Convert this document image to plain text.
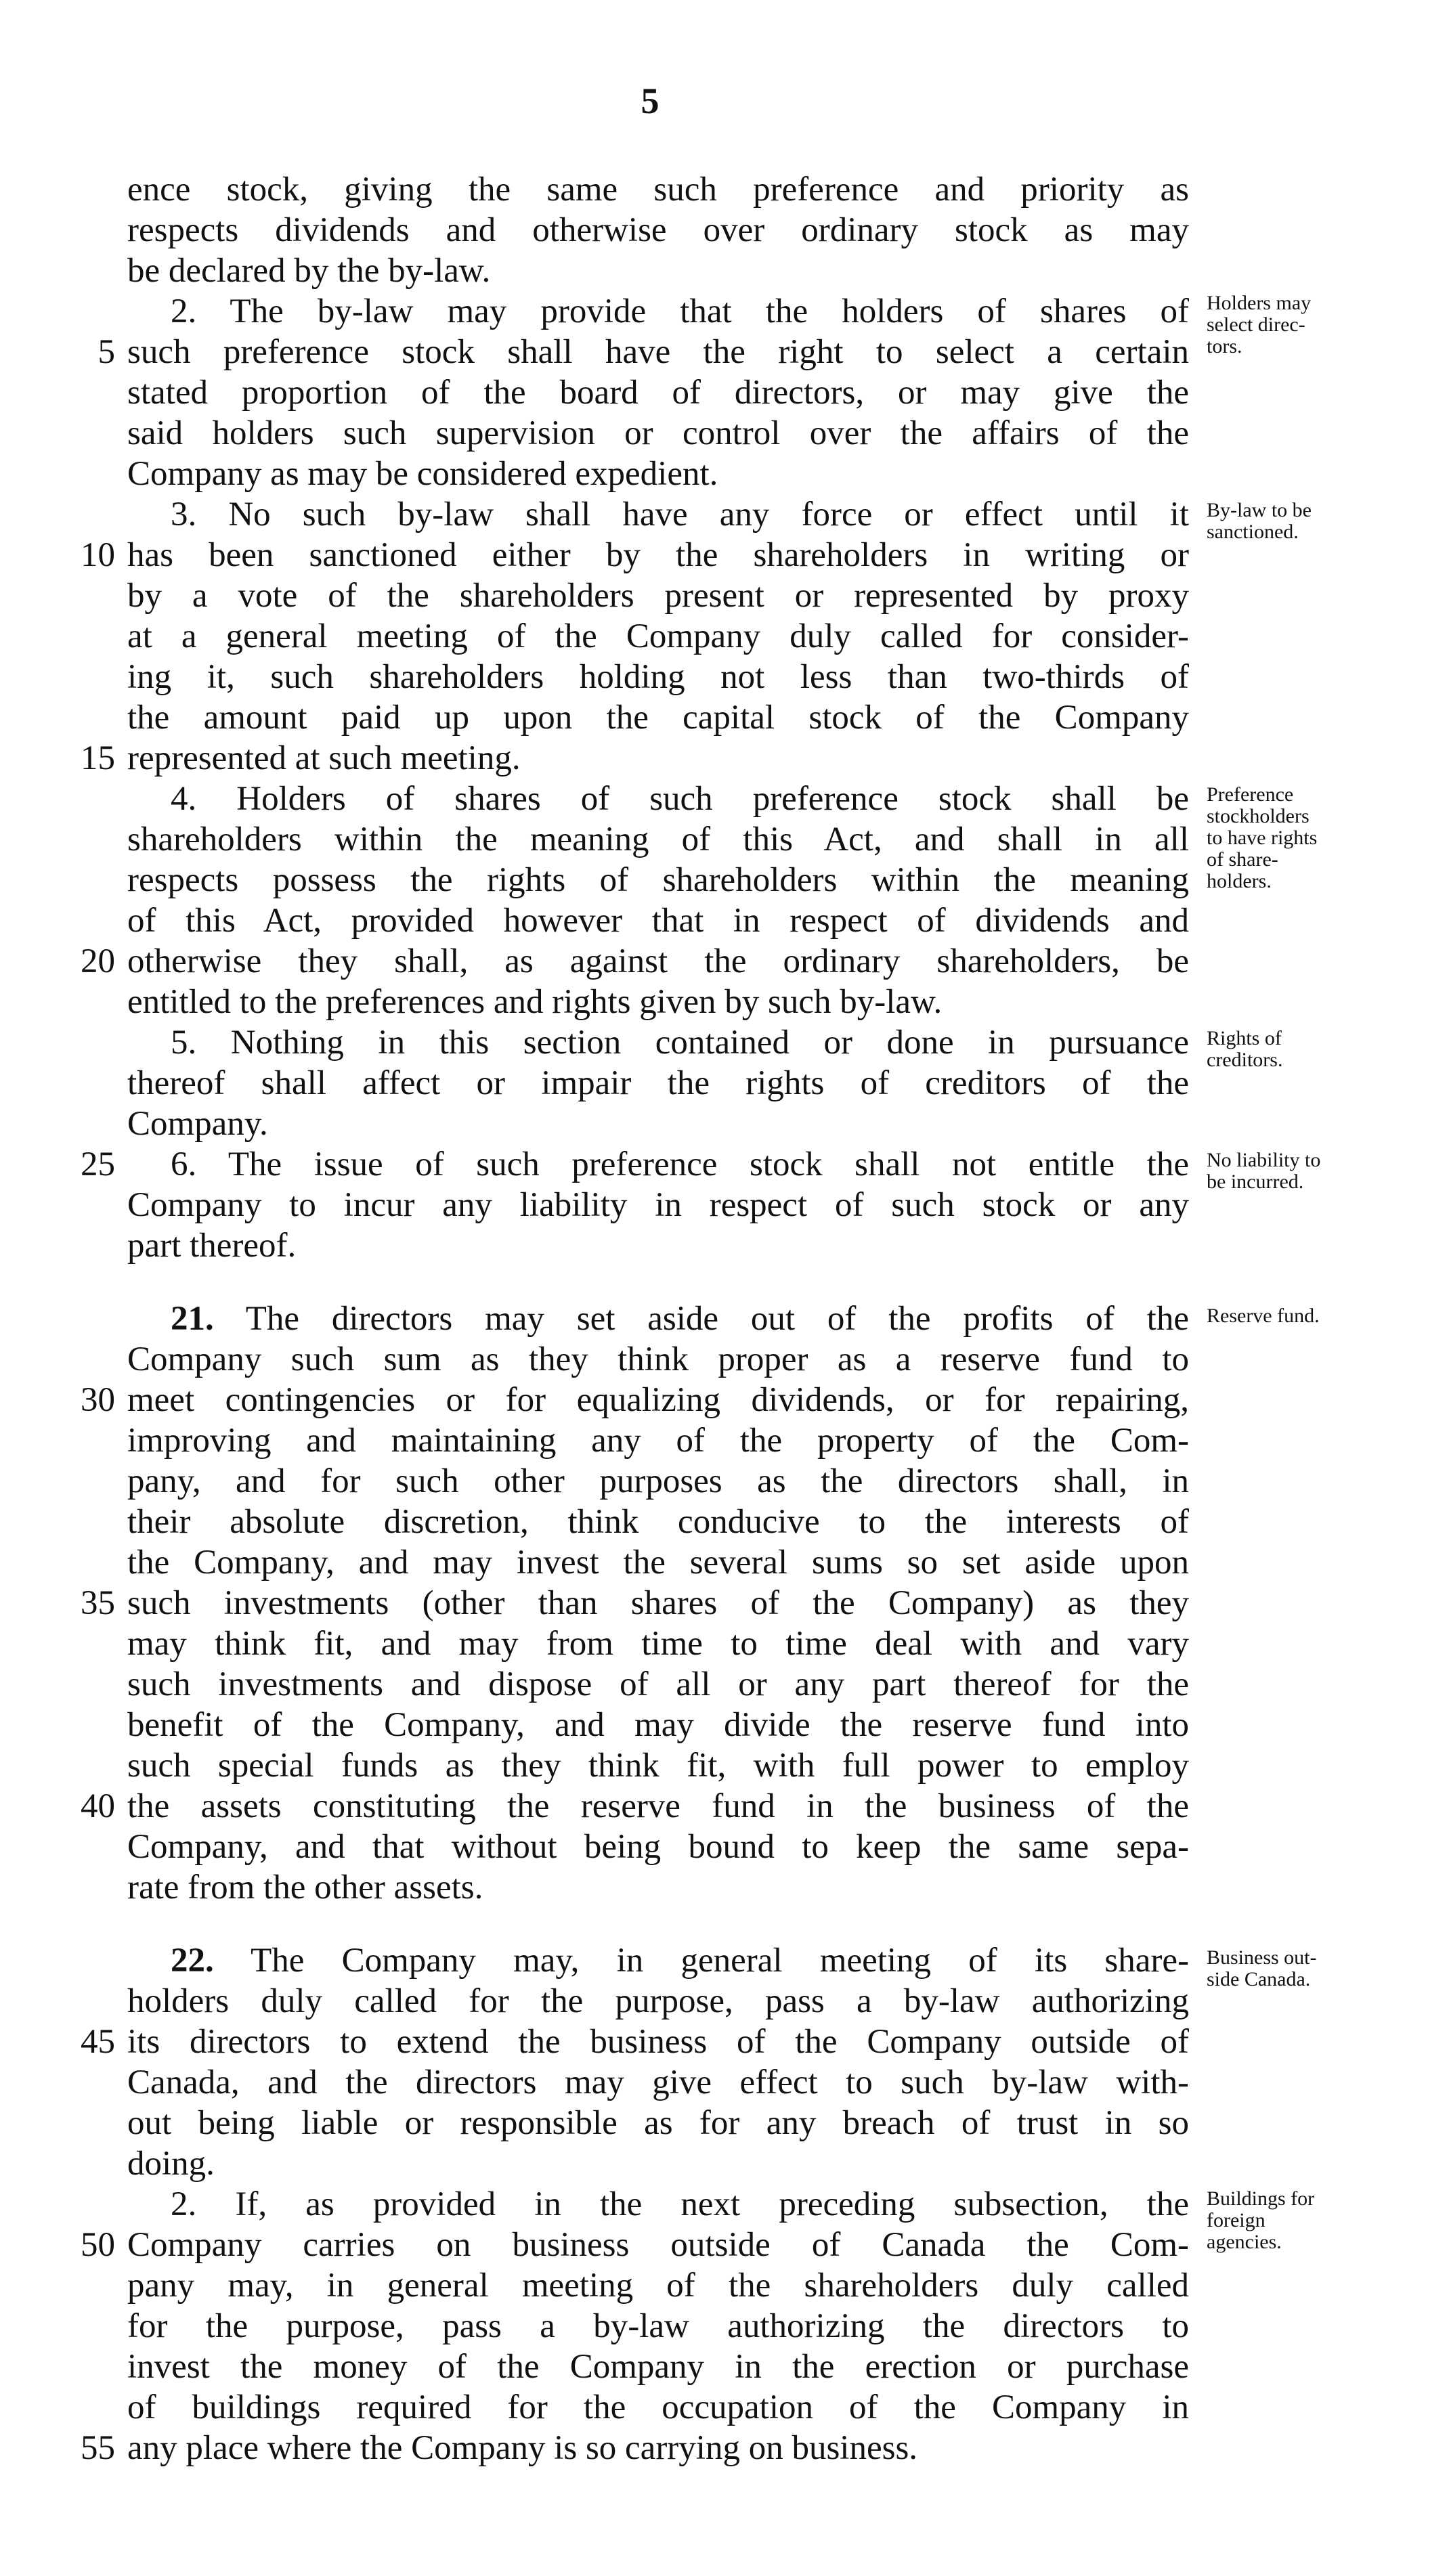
5
ence stock, giving the same such preference and priority as
respects dividends and otherwise over ordinary stock as may
be declared by the by-law.
2. The by-law may provide that the holders of shares of
such preference stock shall have the right to select a certain
stated proportion of the board of directors, or may give the
said holders such supervision or control over the affairs of the
Company as may be considered expedient.
3. No such by-law shall have any force or effect until it
has been sanctioned either by the shareholders in writing or
by a vote of the shareholders present or represented by proxy
at a general meeting of the Company duly called for consider-
ing it, such shareholders holding not less than two-thirds of
the amount paid up upon the capital stock of the Company
represented at such meeting.
4. Holders of shares of such preference stock shall be
shareholders within the meaning of this Act, and shall in all
respects possess the rights of shareholders within the meaning
of this Act, provided however that in respect of dividends and
otherwise they shall, as against the ordinary shareholders, be
entitled to the preferences and rights given by such by-law.
5. Nothing in this section contained or done in pursuance
thereof shall affect or impair the rights of creditors of the
Company.
6. The issue of such preference stock shall not entitle the
Company to incur any liability in respect of such stock or any
part thereof.
21. The directors may set aside out of the profits of the
Company such sum as they think proper as a reserve fund to
meet contingencies or for equalizing dividends, or for repairing,
improving and maintaining any of the property of the Com-
pany, and for such other purposes as the directors shall, in
their absolute discretion, think conducive to the interests of
the Company, and may invest the several sums so set aside upon
such investments (other than shares of the Company) as they
may think fit, and may from time to time deal with and vary
such investments and dispose of all or any part thereof for the
benefit of the Company, and may divide the reserve fund into
such special funds as they think fit, with full power to employ
the assets constituting the reserve fund in the business of the
Company, and that without being bound to keep the same sepa-
rate from the other assets.
22. The Company may, in general meeting of its share-
holders duly called for the purpose, pass a by-law authorizing
its directors to extend the business of the Company outside of
Canada, and the directors may give effect to such by-law with-
out being liable or responsible as for any breach of trust in so
doing.
2. If, as provided in the next preceding subsection, the
Company carries on business outside of Canada the Com-
pany may, in general meeting of the shareholders duly called
for the purpose, pass a by-law authorizing the directors to
invest the money of the Company in the erection or purchase
of buildings required for the occupation of the Company in
any place where the Company is so carrying on business.
5
10
15
20
25
30
35
40
45
50
55
Holders may
select direc-
tors.
By-law to be
sanctioned.
Preference
stockholders
to have rights
of share-
holders.
Rights of
creditors.
No liability to
be incurred.
Reserve fund.
Business out-
side Canada.
Buildings for
foreign
agencies.
